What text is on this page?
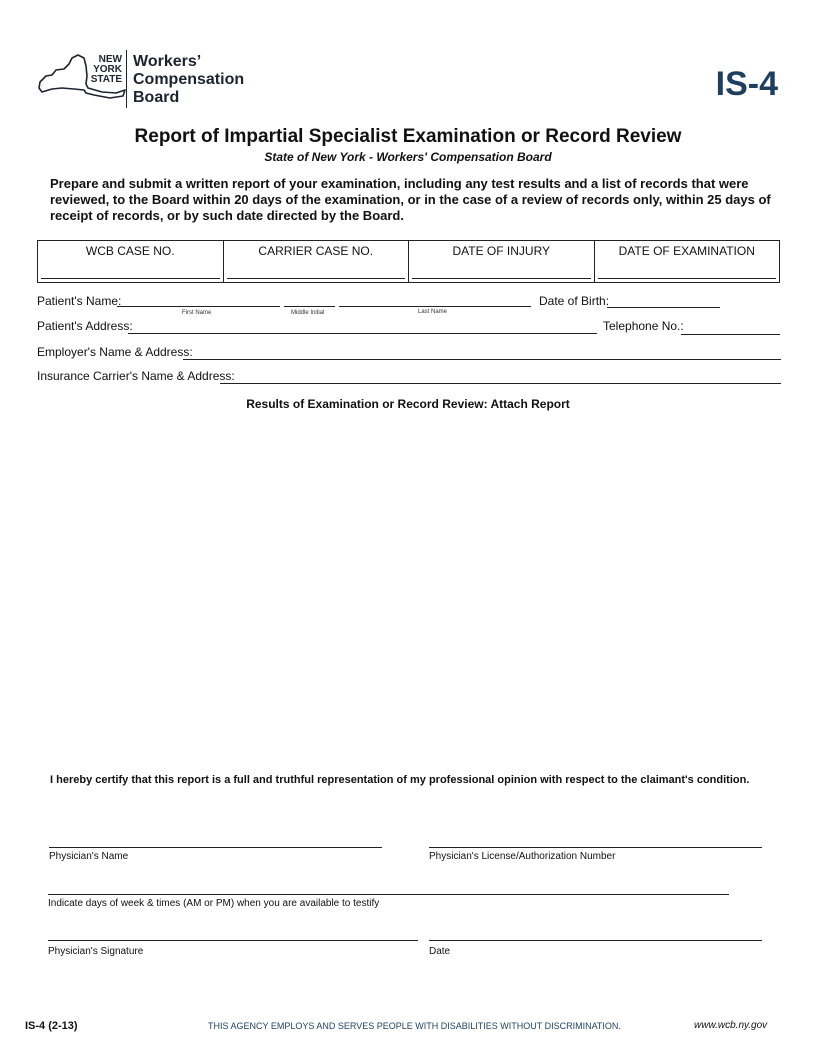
NEW
YORK
STATE
Workers’
Compensation
Board	IS-4
Report of Impartial Specialist Examination or Record Review
State of New York - Workers' Compensation Board
Prepare and submit a written report of your examination, including any test results and a list of records that were reviewed, to the Board within 20 days of the examination, or in the case of a review of records only, within 25 days of receipt of records, or by such date directed by the Board.
WCB CASE NO.	CARRIER CASE NO.	DATE OF INJURY	DATE OF EXAMINATION
Patient's Name:
First Name	Middle Initial	Last Name
Date of Birth:
Patient's Address:	Telephone No.:
Employer's Name & Address:
Insurance Carrier's Name & Address:
Results of Examination or Record Review: Attach Report
I hereby certify that this report is a full and truthful representation of my professional opinion with respect to the claimant's condition.
Physician's Name	Physician's License/Authorization Number
Indicate days of week & times (AM or PM) when you are available to testify
Physician's Signature	Date
IS-4 (2-13)	THIS AGENCY EMPLOYS AND SERVES PEOPLE WITH DISABILITIES WITHOUT DISCRIMINATION.	www.wcb.ny.gov
